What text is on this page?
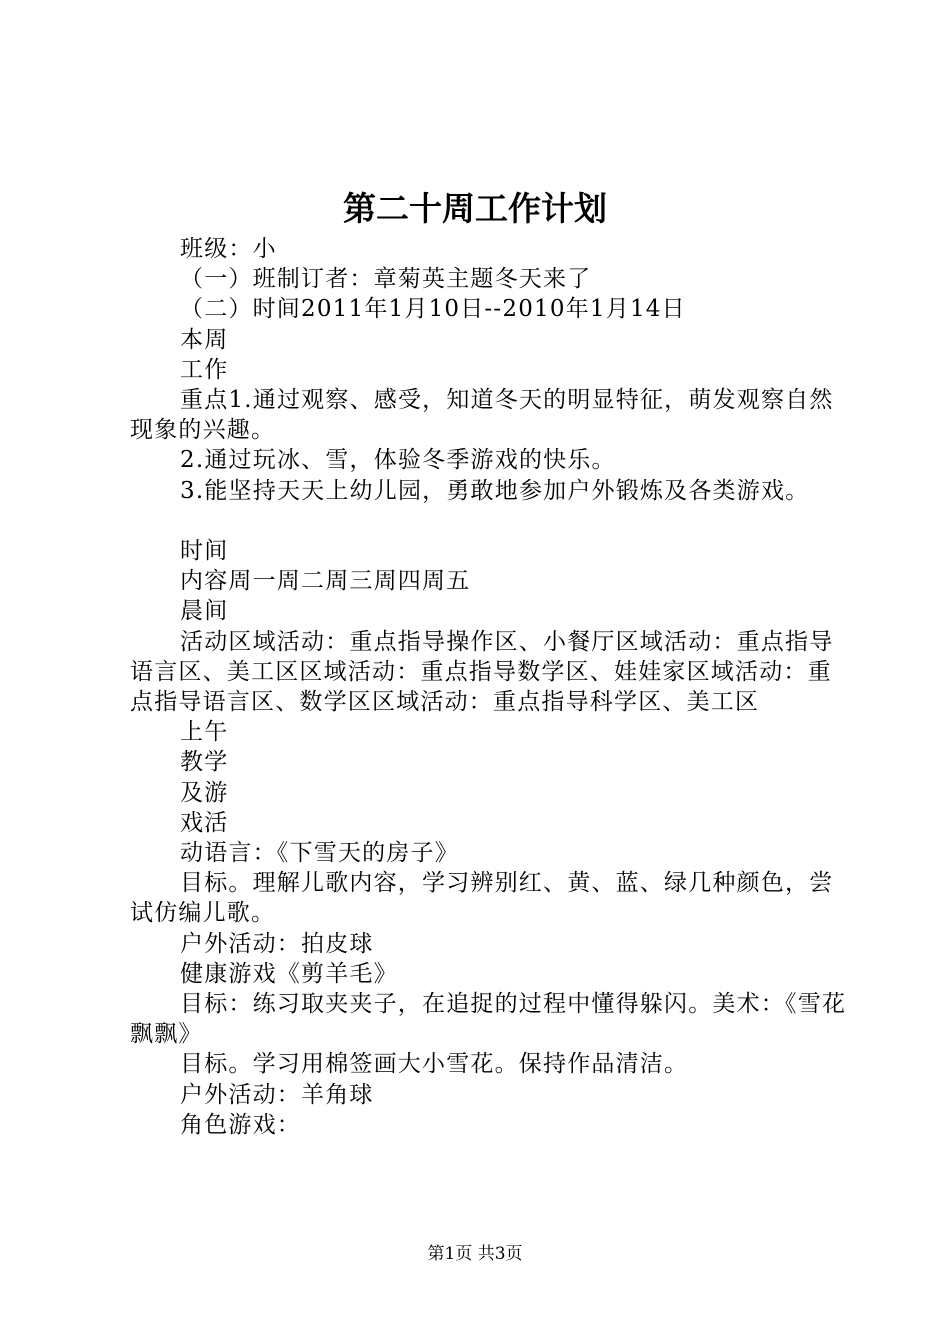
第二十周工作计划

班级：小

（一）班制订者：章菊英主题冬天来了

（二）时间2011年1月10日--2010年1月14日

本周

工作

重点1.通过观察、感受，知道冬天的明显特征，萌发观察自然现象的兴趣。

2.通过玩冰、雪，体验冬季游戏的快乐。

3.能坚持天天上幼儿园，勇敢地参加户外锻炼及各类游戏。

时间

内容周一周二周三周四周五

晨间

活动区域活动：重点指导操作区、小餐厅区域活动：重点指导语言区、美工区区域活动：重点指导数学区、娃娃家区域活动：重点指导语言区、数学区区域活动：重点指导科学区、美工区

上午

教学

及游

戏活

动语言：《下雪天的房子》

目标。理解儿歌内容，学习辨别红、黄、蓝、绿几种颜色，尝试仿编儿歌。

户外活动：拍皮球

健康游戏《剪羊毛》

目标：练习取夹夹子，在追捉的过程中懂得躲闪。美术：《雪花飘飘》

目标。学习用棉签画大小雪花。保持作品清洁。

户外活动：羊角球

角色游戏：

第1页 共3页
